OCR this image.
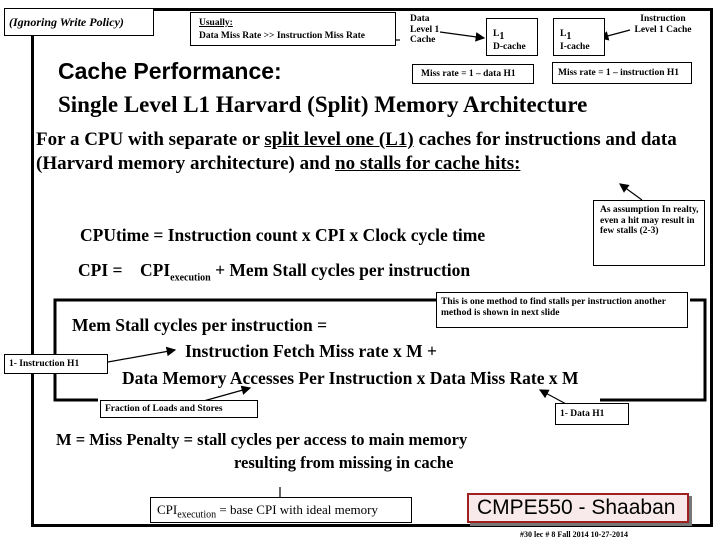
(Ignoring Write Policy)	Usually:
Data Miss Rate >> Instruction Miss Rate
Data Level 1 Cache
$L_1$
D-cache
$L_1$
I-cache
Instruction Level 1 Cache
Miss rate = 1 – data H1	Miss rate = 1 – instruction H1
Cache Performance:
Single Level L1 Harvard (Split) Memory Architecture
For a CPU with separate or split level one (L1) caches for instructions and data (Harvard memory architecture) and no stalls for cache hits:
CPUtime = Instruction count x CPI x Clock cycle time
As assumption In realty, even a hit may result in few stalls (2-3)
CPI = $CPI_{execution}$ + Mem Stall cycles per instruction
This is one method to find stalls per instruction another method is shown in next slide
Mem Stall cycles per instruction =
Instruction Fetch Miss rate x M +
Data Memory Accesses Per Instruction x Data Miss Rate x M
1- Instruction H1
Fraction of Loads and Stores	1- Data H1
M = Miss Penalty = stall cycles per access to main memory
resulting from missing in cache
$CPI_{execution}$ = base CPI with ideal memory	CMPE550 - Shaaban
#30 lec # 8 Fall 2014 10-27-2014
